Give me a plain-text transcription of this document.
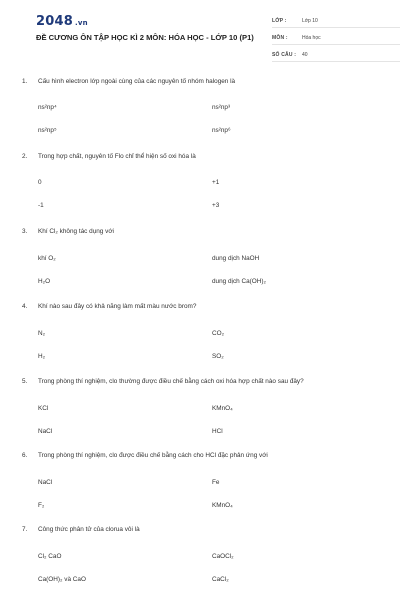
2048 .vn
ĐỀ CƯƠNG ÔN TẬP HỌC KÌ 2 MÔN: HÓA HỌC - LỚP 10 (P1)
LỚP :	Lớp 10
MÔN :	Hóa học
SỐ CÂU :	40
1.	Cấu hình electron lớp ngoài cùng của các nguyên tố nhóm halogen là
ns²np⁴	ns²np³
ns²np⁵	ns²np⁶
2.	Trong hợp chất, nguyên tố Flo chỉ thể hiện số oxi hóa là
0	+1
-1	+3
3.	Khí Cl₂ không tác dụng với
khí O₂	dung dịch NaOH
H₂O	dung dịch Ca(OH)₂
4.	Khí nào sau đây có khả năng làm mất màu nước brom?
N₂	CO₂
H₂	SO₂
5.	Trong phòng thí nghiệm, clo thường được điều chế bằng cách oxi hóa hợp chất nào sau đây?
KCl	KMnO₄
NaCl	HCl
6.	Trong phòng thí nghiệm, clo được điều chế bằng cách cho HCl đặc phản ứng với
NaCl	Fe
F₂	KMnO₄
7.	Công thức phân tử của clorua vôi là
Cl₂ CaO	CaOCl₂
Ca(OH)₂ và CaO	CaCl₂
